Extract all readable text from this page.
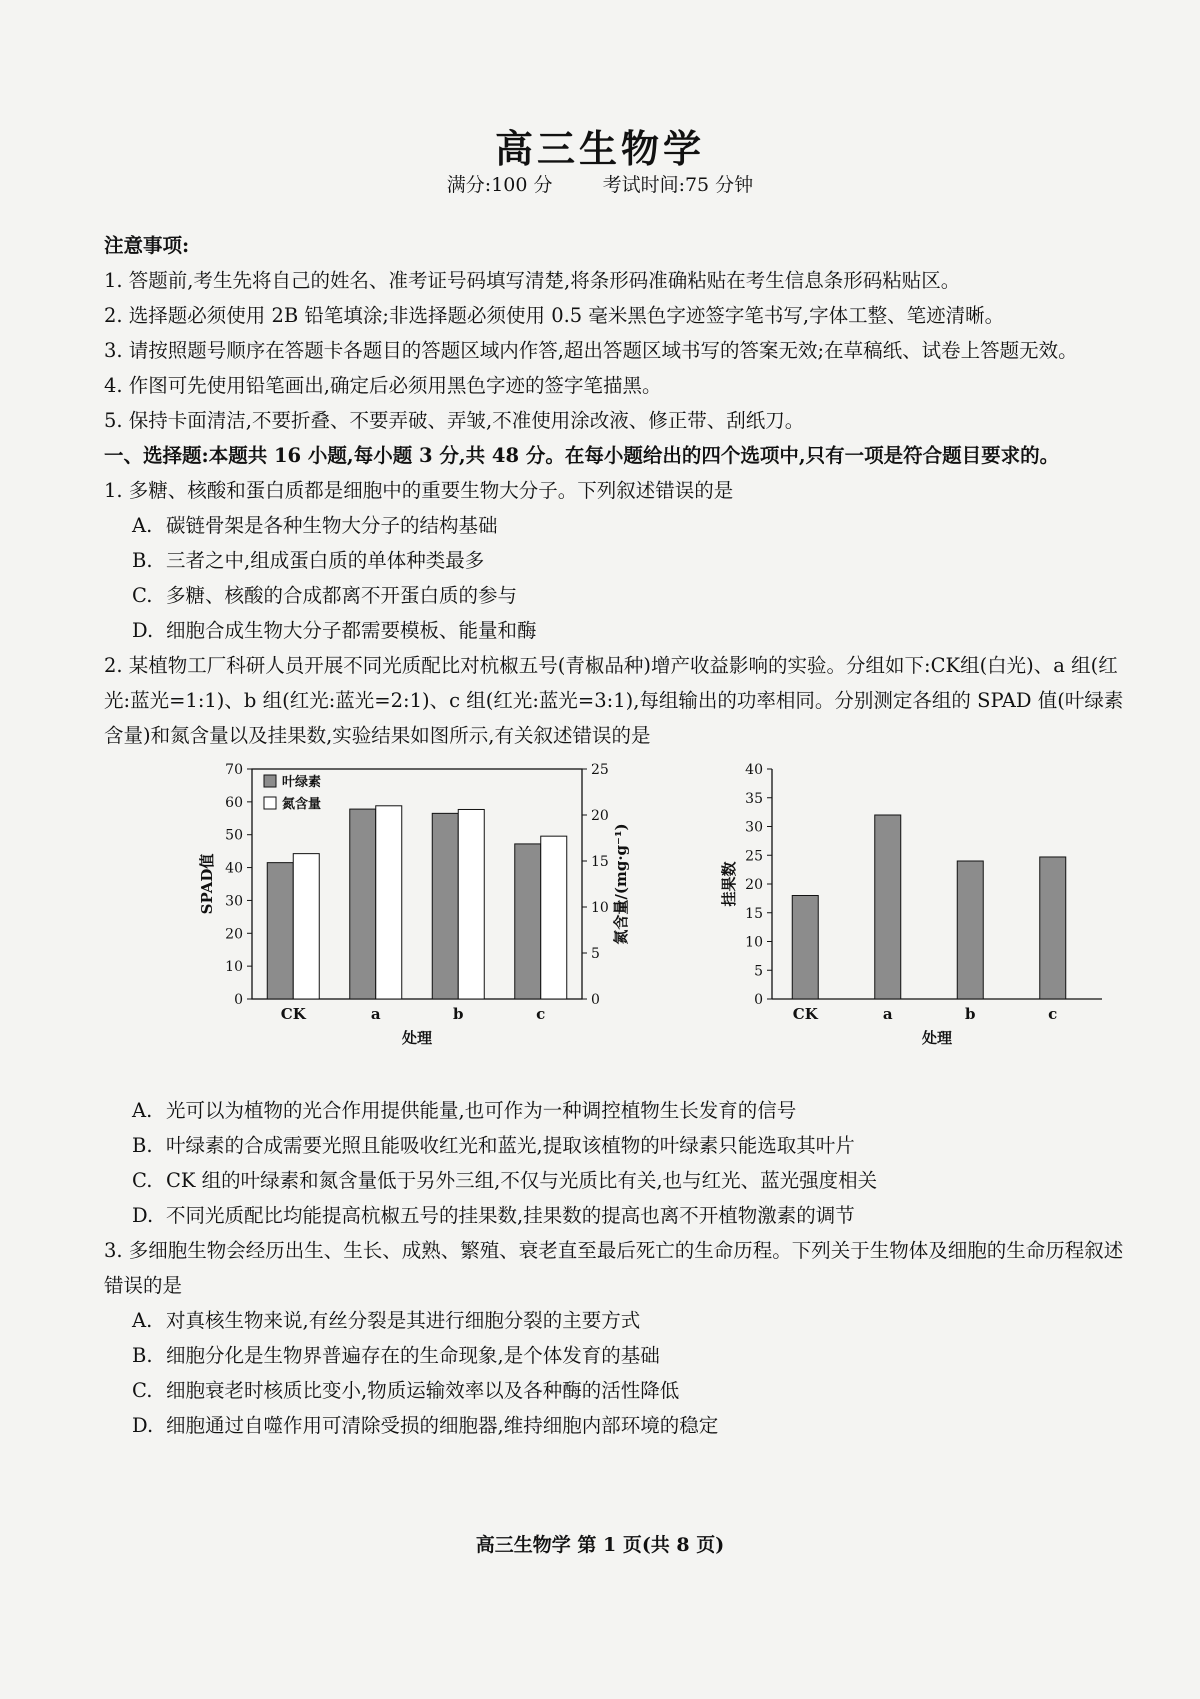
高三生物学
满分:100 分	考试时间:75 分钟

注意事项:

1. 答题前,考生先将自己的姓名、准考证号码填写清楚,将条形码准确粘贴在考生信息条形码粘贴区。

2. 选择题必须使用 2B 铅笔填涂;非选择题必须使用 0.5 毫米黑色字迹签字笔书写,字体工整、笔迹清晰。

3. 请按照题号顺序在答题卡各题目的答题区域内作答,超出答题区域书写的答案无效;在草稿纸、试卷上答题无效。

4. 作图可先使用铅笔画出,确定后必须用黑色字迹的签字笔描黑。

5. 保持卡面清洁,不要折叠、不要弄破、弄皱,不准使用涂改液、修正带、刮纸刀。

一、选择题:本题共 16 小题,每小题 3 分,共 48 分。在每小题给出的四个选项中,只有一项是符合题目要求的。

1. 多糖、核酸和蛋白质都是细胞中的重要生物大分子。下列叙述错误的是

A. 碳链骨架是各种生物大分子的结构基础

B. 三者之中,组成蛋白质的单体种类最多

C. 多糖、核酸的合成都离不开蛋白质的参与

D. 细胞合成生物大分子都需要模板、能量和酶

2. 某植物工厂科研人员开展不同光质配比对杭椒五号(青椒品种)增产收益影响的实验。分组如下:CK组(白光)、a 组(红光:蓝光=1:1)、b 组(红光:蓝光=2:1)、c 组(红光:蓝光=3:1),每组输出的功率相同。分别测定各组的 SPAD 值(叶绿素含量)和氮含量以及挂果数,实验结果如图所示,有关叙述错误的是

0
10
20
30
40
50
60
70
0
5
10
15
20
25
CK	a	b	c
处理
SPAD值	氮含量/(mg·g⁻¹)
叶绿素
氮含量
0
5
10
15
20
25
30
35
40
CK	a	b	c
处理
挂果数

A. 光可以为植物的光合作用提供能量,也可作为一种调控植物生长发育的信号

B. 叶绿素的合成需要光照且能吸收红光和蓝光,提取该植物的叶绿素只能选取其叶片

C. CK 组的叶绿素和氮含量低于另外三组,不仅与光质比有关,也与红光、蓝光强度相关

D. 不同光质配比均能提高杭椒五号的挂果数,挂果数的提高也离不开植物激素的调节

3. 多细胞生物会经历出生、生长、成熟、繁殖、衰老直至最后死亡的生命历程。下列关于生物体及细胞的生命历程叙述错误的是

A. 对真核生物来说,有丝分裂是其进行细胞分裂的主要方式

B. 细胞分化是生物界普遍存在的生命现象,是个体发育的基础

C. 细胞衰老时核质比变小,物质运输效率以及各种酶的活性降低

D. 细胞通过自噬作用可清除受损的细胞器,维持细胞内部环境的稳定

高三生物学 第 1 页(共 8 页)
